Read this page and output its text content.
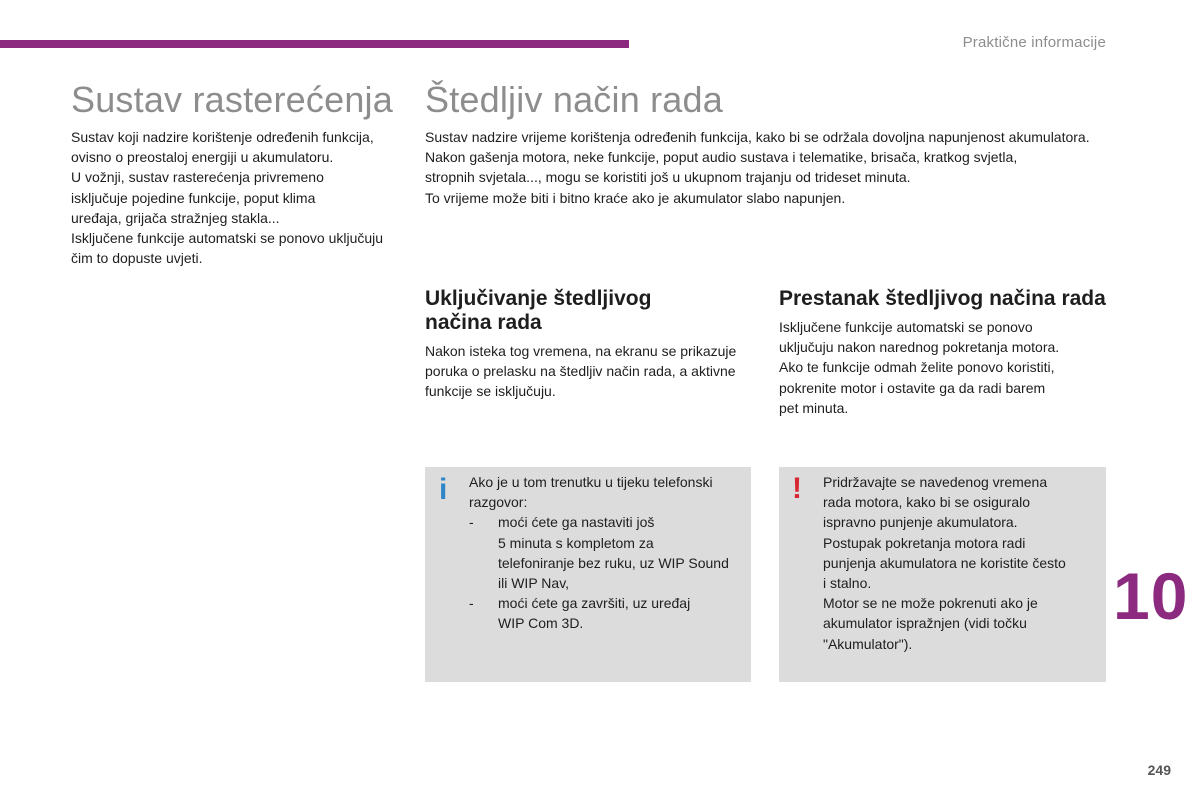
Praktične informacije
Sustav rasterećenja
Sustav koji nadzire korištenje određenih funkcija,
ovisno o preostaloj energiji u akumulatoru.
U vožnji, sustav rasterećenja privremeno
isključuje pojedine funkcije, poput klima
uređaja, grijača stražnjeg stakla...
Isključene funkcije automatski se ponovo uključuju
čim to dopuste uvjeti.
Štedljiv način rada
Sustav nadzire vrijeme korištenja određenih funkcija, kako bi se održala dovoljna napunjenost akumulatora.
Nakon gašenja motora, neke funkcije, poput audio sustava i telematike, brisača, kratkog svjetla,
stropnih svjetala..., mogu se koristiti još u ukupnom trajanju od trideset minuta.
To vrijeme može biti i bitno kraće ako je akumulator slabo napunjen.
Uključivanje štedljivog
načina rada
Nakon isteka tog vremena, na ekranu se prikazuje
poruka o prelasku na štedljiv način rada, a aktivne
funkcije se isključuju.
Prestanak štedljivog načina rada
Isključene funkcije automatski se ponovo
uključuju nakon narednog pokretanja motora.
Ako te funkcije odmah želite ponovo koristiti,
pokrenite motor i ostavite ga da radi barem
pet minuta.
i Ako je u tom trenutku u tijeku telefonski
razgovor:
-	moći ćete ga nastaviti još
5 minuta s kompletom za
telefoniranje bez ruku, uz WIP Sound
ili WIP Nav,
-	moći ćete ga završiti, uz uređaj
WIP Com 3D.
! Pridržavajte se navedenog vremena
rada motora, kako bi se osiguralo
ispravno punjenje akumulatora.
Postupak pokretanja motora radi
punjenja akumulatora ne koristite često
i stalno.
Motor se ne može pokrenuti ako je
akumulator ispražnjen (vidi točku
"Akumulator").
10
249
